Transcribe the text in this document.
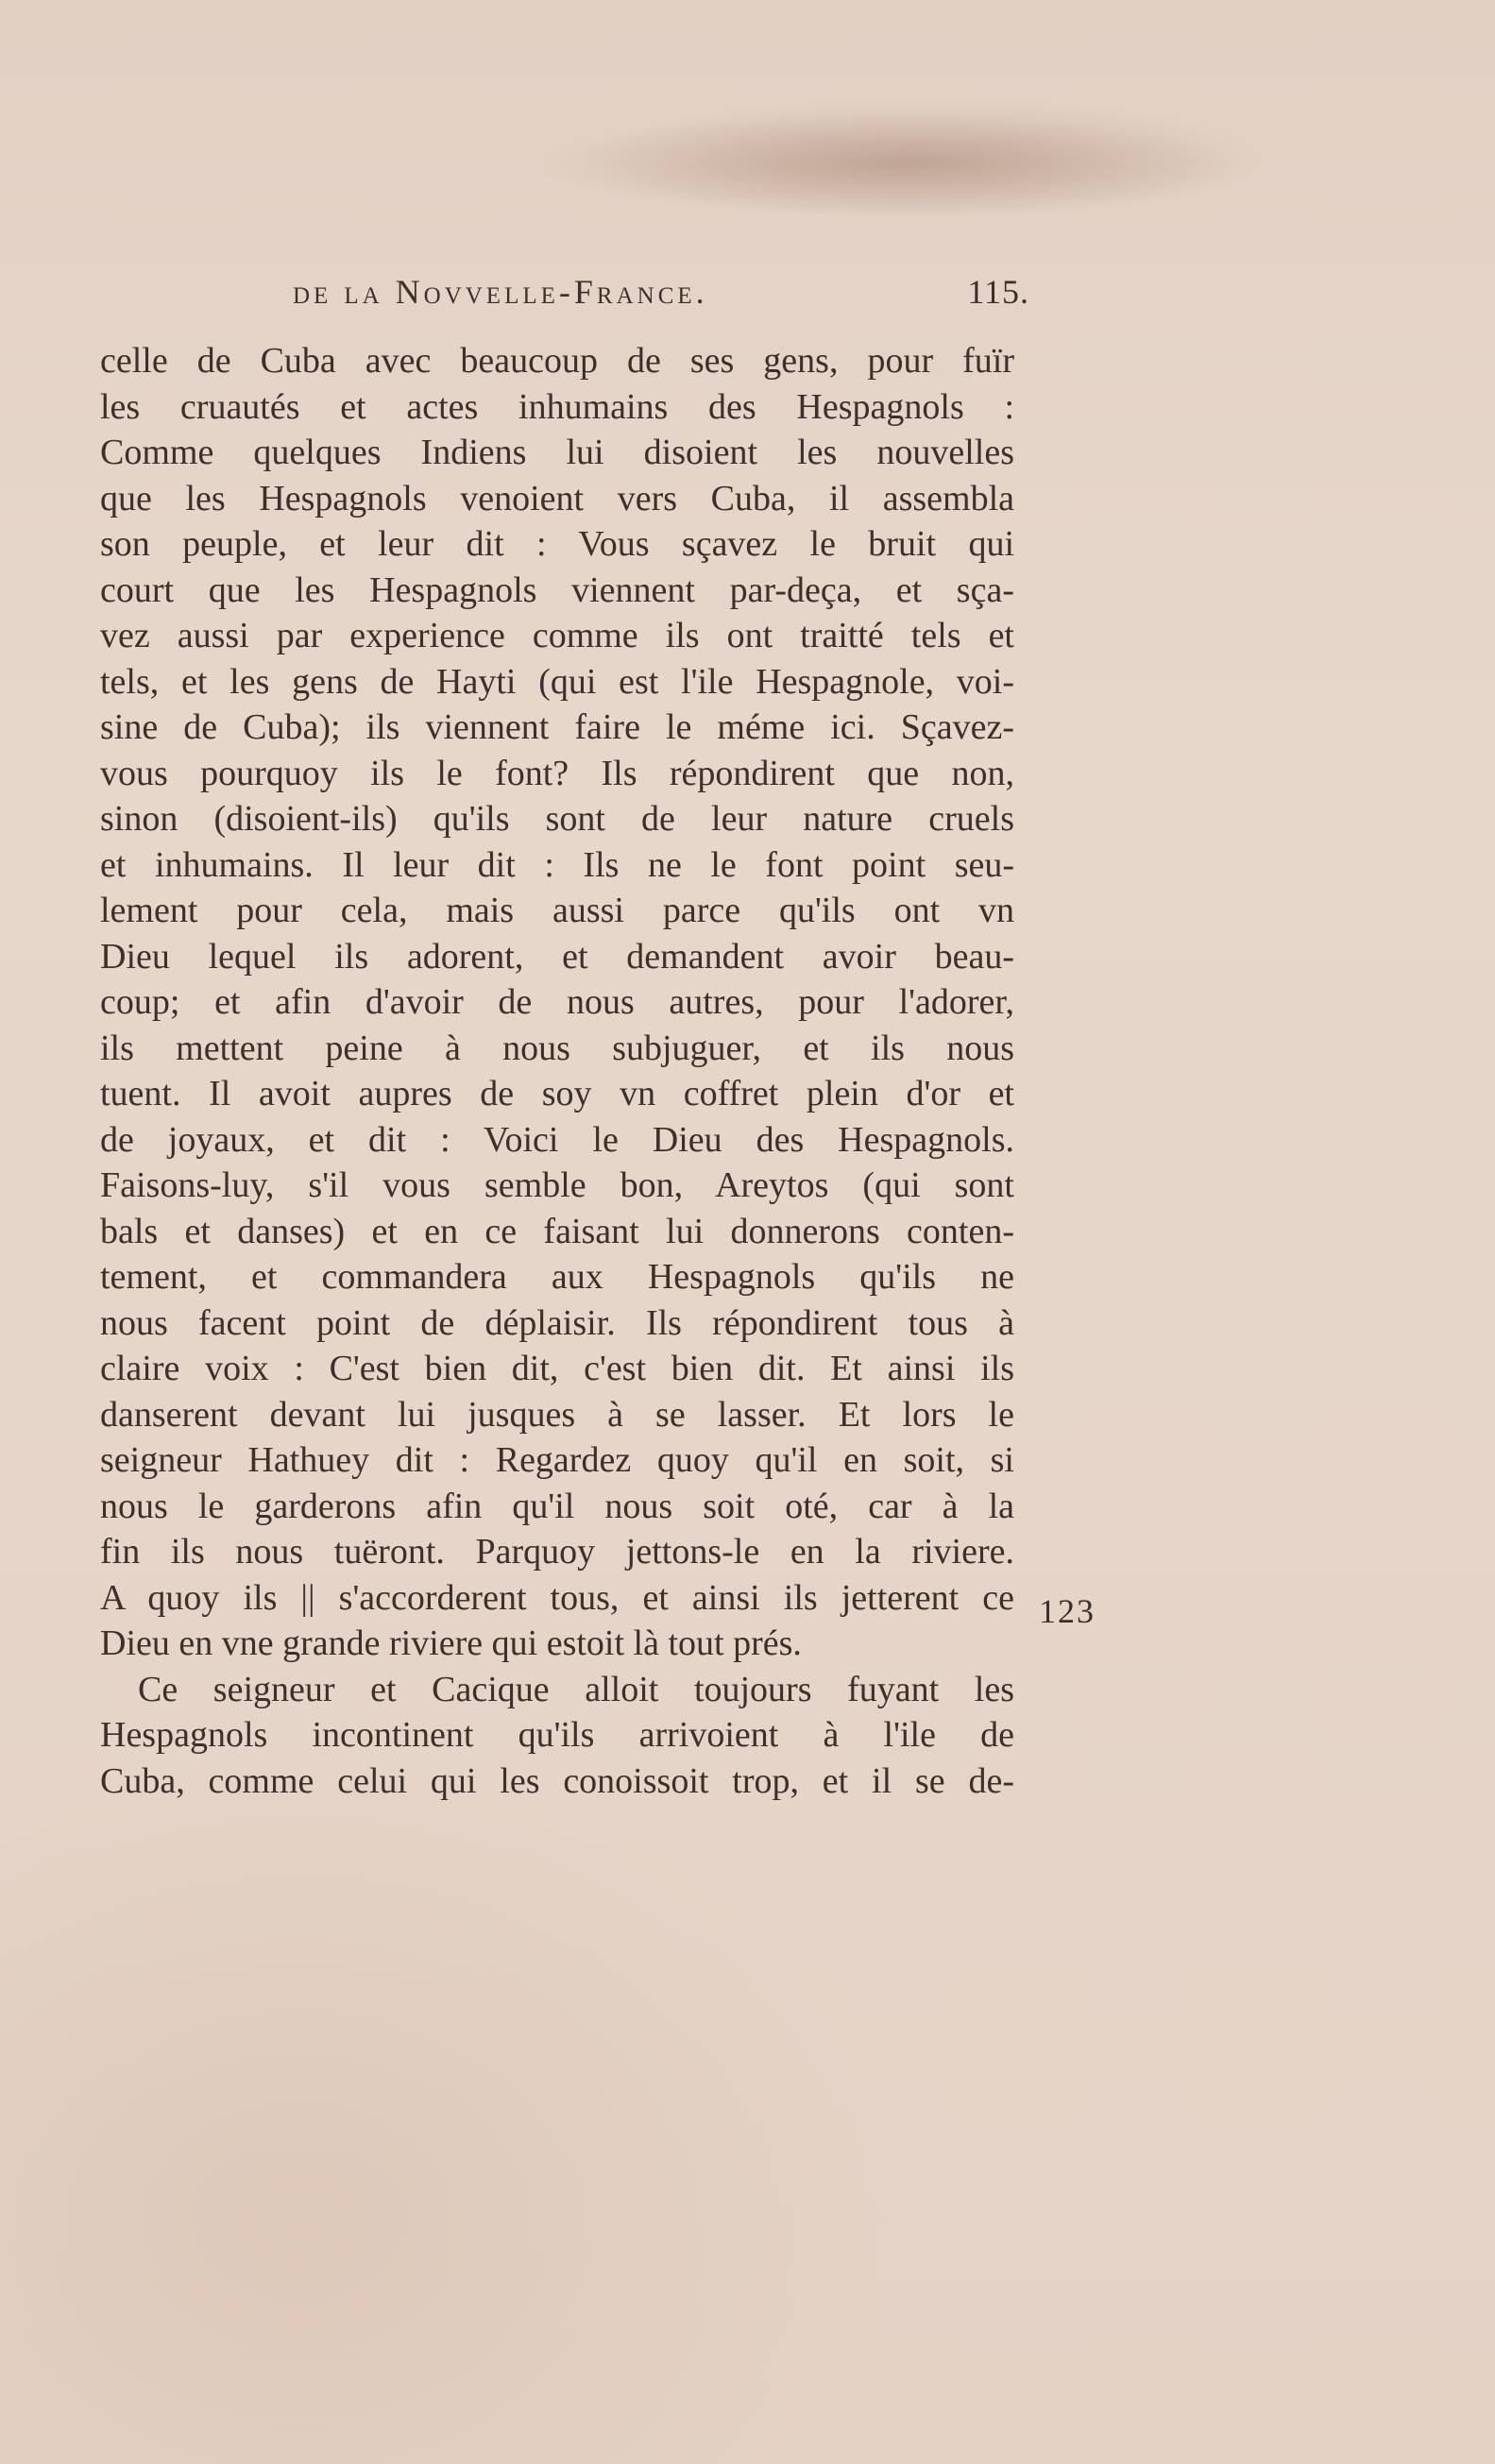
de la Novvelle-France.	115.
celle de Cuba avec beaucoup de ses gens, pour fuïr
les cruautés et actes inhumains des Hespagnols :
Comme quelques Indiens lui disoient les nouvelles
que les Hespagnols venoient vers Cuba, il assembla
son peuple, et leur dit : Vous sçavez le bruit qui
court que les Hespagnols viennent par-deça, et sça-
vez aussi par experience comme ils ont traitté tels et
tels, et les gens de Hayti (qui est l'ile Hespagnole, voi-
sine de Cuba); ils viennent faire le méme ici. Sçavez-
vous pourquoy ils le font? Ils répondirent que non,
sinon (disoient-ils) qu'ils sont de leur nature cruels
et inhumains. Il leur dit : Ils ne le font point seu-
lement pour cela, mais aussi parce qu'ils ont vn
Dieu lequel ils adorent, et demandent avoir beau-
coup; et afin d'avoir de nous autres, pour l'adorer,
ils mettent peine à nous subjuguer, et ils nous
tuent. Il avoit aupres de soy vn coffret plein d'or et
de joyaux, et dit : Voici le Dieu des Hespagnols.
Faisons-luy, s'il vous semble bon, Areytos (qui sont
bals et danses) et en ce faisant lui donnerons conten-
tement, et commandera aux Hespagnols qu'ils ne
nous facent point de déplaisir. Ils répondirent tous à
claire voix : C'est bien dit, c'est bien dit. Et ainsi ils
danserent devant lui jusques à se lasser. Et lors le
seigneur Hathuey dit : Regardez quoy qu'il en soit, si
nous le garderons afin qu'il nous soit oté, car à la
fin ils nous tuëront. Parquoy jettons-le en la riviere.
A quoy ils || s'accorderent tous, et ainsi ils jetterent ce
Dieu en vne grande riviere qui estoit là tout prés.
Ce seigneur et Cacique alloit toujours fuyant les
Hespagnols incontinent qu'ils arrivoient à l'ile de
Cuba, comme celui qui les conoissoit trop, et il se de-
123
